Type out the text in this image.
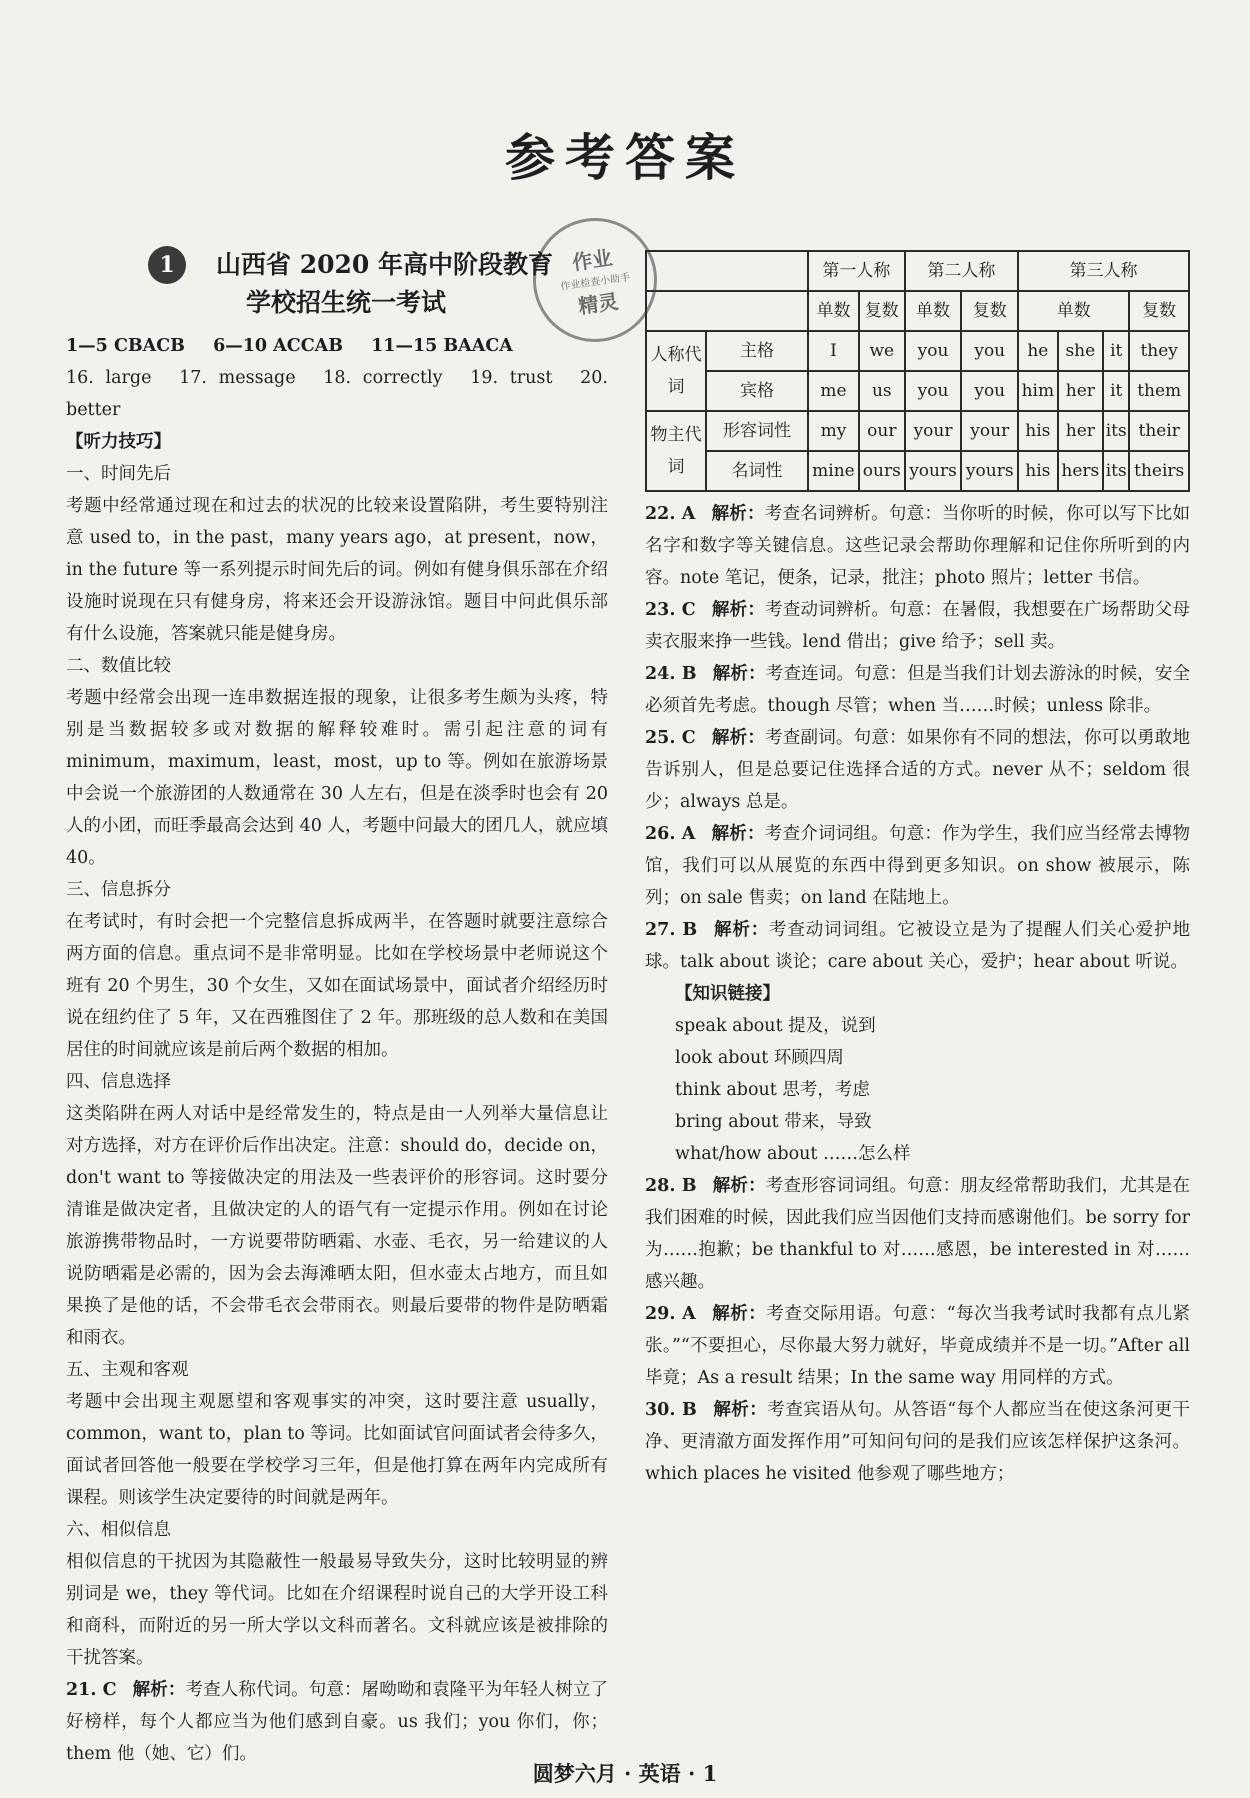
参考答案
作业
作业检查小助手
精灵
1	山西省 2020 年高中阶段教育
学校招生统一考试

1—5 CBACB 6—10 ACCAB 11—15 BAACA

16. large 17. message 18. correctly 19. trust 20. better

【听力技巧】

一、时间先后

考题中经常通过现在和过去的状况的比较来设置陷阱，考生要特别注意 used to，in the past，many years ago，at present，now，in the future 等一系列提示时间先后的词。例如有健身俱乐部在介绍设施时说现在只有健身房，将来还会开设游泳馆。题目中问此俱乐部有什么设施，答案就只能是健身房。

二、数值比较

考题中经常会出现一连串数据连报的现象，让很多考生颇为头疼，特别是当数据较多或对数据的解释较难时。需引起注意的词有 minimum，maximum，least，most，up to 等。例如在旅游场景中会说一个旅游团的人数通常在 30 人左右，但是在淡季时也会有 20 人的小团，而旺季最高会达到 40 人，考题中问最大的团几人，就应填 40。

三、信息拆分

在考试时，有时会把一个完整信息拆成两半，在答题时就要注意综合两方面的信息。重点词不是非常明显。比如在学校场景中老师说这个班有 20 个男生，30 个女生，又如在面试场景中，面试者介绍经历时说在纽约住了 5 年，又在西雅图住了 2 年。那班级的总人数和在美国居住的时间就应该是前后两个数据的相加。

四、信息选择

这类陷阱在两人对话中是经常发生的，特点是由一人列举大量信息让对方选择，对方在评价后作出决定。注意：should do，decide on，don't want to 等接做决定的用法及一些表评价的形容词。这时要分清谁是做决定者，且做决定的人的语气有一定提示作用。例如在讨论旅游携带物品时，一方说要带防晒霜、水壶、毛衣，另一给建议的人说防晒霜是必需的，因为会去海滩晒太阳，但水壶太占地方，而且如果换了是他的话，不会带毛衣会带雨衣。则最后要带的物件是防晒霜和雨衣。

五、主观和客观

考题中会出现主观愿望和客观事实的冲突，这时要注意 usually，common，want to，plan to 等词。比如面试官问面试者会待多久，面试者回答他一般要在学校学习三年，但是他打算在两年内完成所有课程。则该学生决定要待的时间就是两年。

六、相似信息

相似信息的干扰因为其隐蔽性一般最易导致失分，这时比较明显的辨别词是 we，they 等代词。比如在介绍课程时说自己的大学开设工科和商科，而附近的另一所大学以文科而著名。文科就应该是被排除的干扰答案。

21. C 解析：考查人称代词。句意：屠呦呦和袁隆平为年轻人树立了好榜样，每个人都应当为他们感到自豪。us 我们；you 你们，你；them 他（她、它）们。

		第一人称		第二人称		第三人称			
		单数	复数	单数	复数	单数			复数
人称代词	主格	I	we	you	you	he	she	it	they
	宾格	me	us	you	you	him	her	it	them
物主代词	形容词性	my	our	your	your	his	her	its	their
	名词性	mine	ours	yours	yours	his	hers	its	theirs

22. A 解析：考查名词辨析。句意：当你听的时候，你可以写下比如名字和数字等关键信息。这些记录会帮助你理解和记住你所听到的内容。note 笔记，便条，记录，批注；photo 照片；letter 书信。

23. C 解析：考查动词辨析。句意：在暑假，我想要在广场帮助父母卖衣服来挣一些钱。lend 借出；give 给予；sell 卖。

24. B 解析：考查连词。句意：但是当我们计划去游泳的时候，安全必须首先考虑。though 尽管；when 当……时候；unless 除非。

25. C 解析：考查副词。句意：如果你有不同的想法，你可以勇敢地告诉别人，但是总要记住选择合适的方式。never 从不；seldom 很少；always 总是。

26. A 解析：考查介词词组。句意：作为学生，我们应当经常去博物馆，我们可以从展览的东西中得到更多知识。on show 被展示，陈列；on sale 售卖；on land 在陆地上。

27. B 解析：考查动词词组。它被设立是为了提醒人们关心爱护地球。talk about 谈论；care about 关心，爱护；hear about 听说。

【知识链接】

speak about 提及，说到

look about 环顾四周

think about 思考，考虑

bring about 带来，导致

what/how about ……怎么样

28. B 解析：考查形容词词组。句意：朋友经常帮助我们，尤其是在我们困难的时候，因此我们应当因他们支持而感谢他们。be sorry for 为……抱歉；be thankful to 对……感恩，be interested in 对……感兴趣。

29. A 解析：考查交际用语。句意：“每次当我考试时我都有点儿紧张。”“不要担心，尽你最大努力就好，毕竟成绩并不是一切。”After all 毕竟；As a result 结果；In the same way 用同样的方式。

30. B 解析：考查宾语从句。从答语“每个人都应当在使这条河更干净、更清澈方面发挥作用”可知问句问的是我们应该怎样保护这条河。which places he visited 他参观了哪些地方；

圆梦六月 · 英语 · 1
